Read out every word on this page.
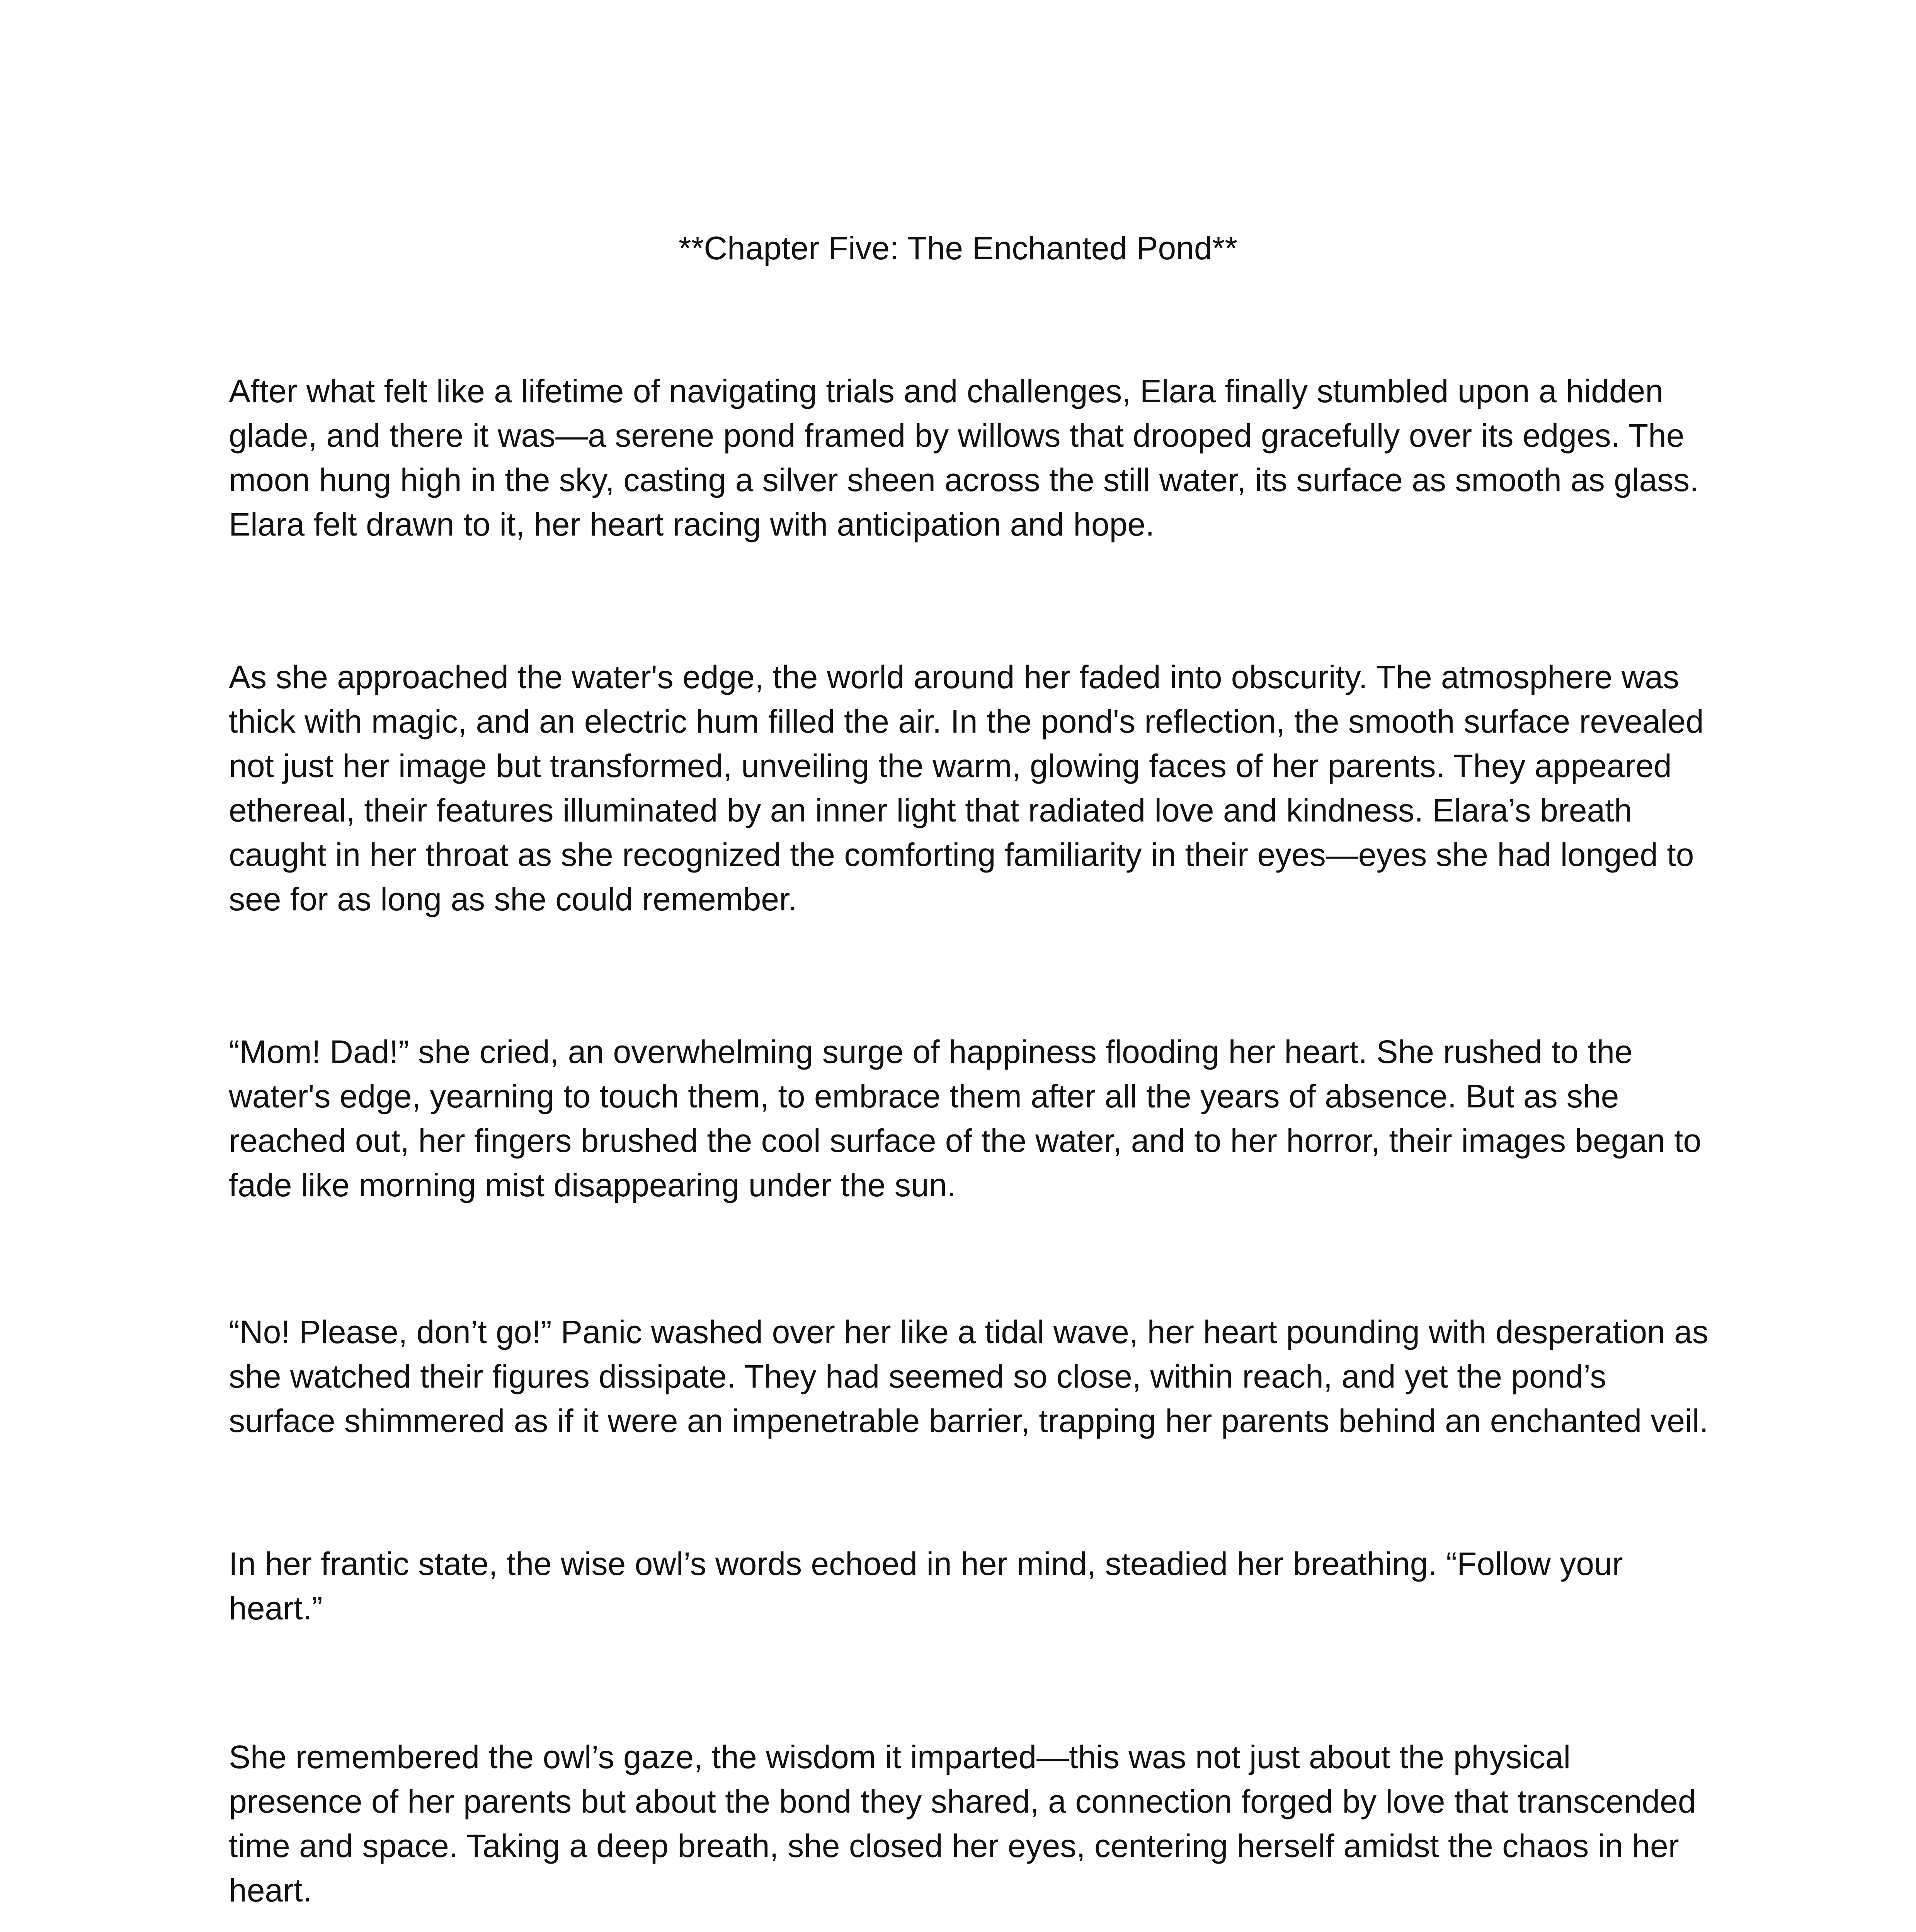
**Chapter Five: The Enchanted Pond**

After what felt like a lifetime of navigating trials and challenges, Elara finally stumbled upon a hidden glade, and there it was—a serene pond framed by willows that drooped gracefully over its edges. The moon hung high in the sky, casting a silver sheen across the still water, its surface as smooth as glass. Elara felt drawn to it, her heart racing with anticipation and hope.

As she approached the water's edge, the world around her faded into obscurity. The atmosphere was thick with magic, and an electric hum filled the air. In the pond's reflection, the smooth surface revealed not just her image but transformed, unveiling the warm, glowing faces of her parents. They appeared ethereal, their features illuminated by an inner light that radiated love and kindness. Elara’s breath caught in her throat as she recognized the comforting familiarity in their eyes—eyes she had longed to see for as long as she could remember.

“Mom! Dad!” she cried, an overwhelming surge of happiness flooding her heart. She rushed to the water's edge, yearning to touch them, to embrace them after all the years of absence. But as she reached out, her fingers brushed the cool surface of the water, and to her horror, their images began to fade like morning mist disappearing under the sun.

“No! Please, don’t go!” Panic washed over her like a tidal wave, her heart pounding with desperation as she watched their figures dissipate. They had seemed so close, within reach, and yet the pond’s surface shimmered as if it were an impenetrable barrier, trapping her parents behind an enchanted veil.

In her frantic state, the wise owl’s words echoed in her mind, steadied her breathing. “Follow your heart.”

She remembered the owl’s gaze, the wisdom it imparted—this was not just about the physical presence of her parents but about the bond they shared, a connection forged by love that transcended time and space. Taking a deep breath, she closed her eyes, centering herself amidst the chaos in her heart.
